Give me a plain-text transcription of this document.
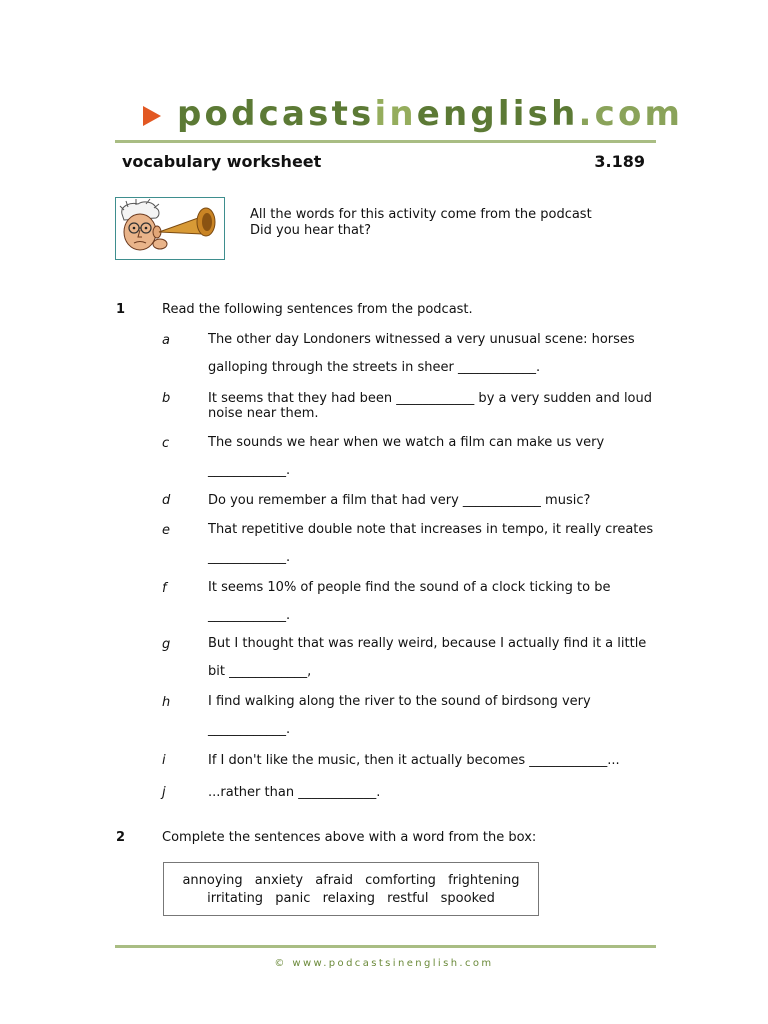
podcastsinenglish.com
vocabulary worksheet	3.189
All the words for this activity come from the podcast
Did you hear that?
1	Read the following sentences from the podcast.
a	The other day Londoners witnessed a very unusual scene: horses galloping through the streets in sheer ____________.
b	It seems that they had been ____________ by a very sudden and loud noise near them.
c	The sounds we hear when we watch a film can make us very ____________.
d	Do you remember a film that had very ____________ music?
e	That repetitive double note that increases in tempo, it really creates ____________.
f	It seems 10% of people find the sound of a clock ticking to be ____________.
g	But I thought that was really weird, because I actually find it a little bit ____________,
h	I find walking along the river to the sound of birdsong very ____________.
i	If I don't like the music, then it actually becomes ____________...
j	...rather than ____________.
2	Complete the sentences above with a word from the box:
annoying anxiety afraid comforting frightening
irritating panic relaxing restful spooked
© www.podcastsinenglish.com
